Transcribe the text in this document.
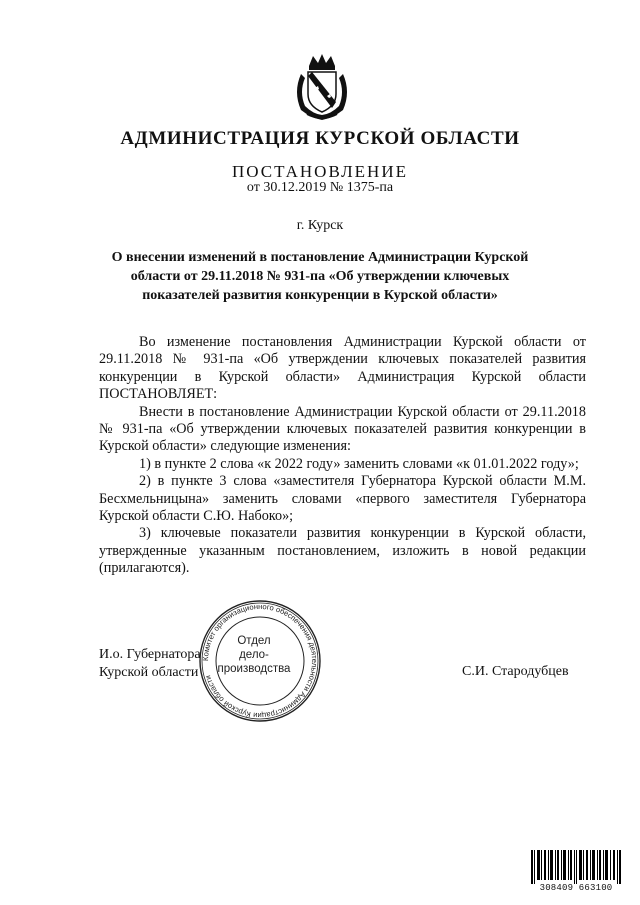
АДМИНИСТРАЦИЯ КУРСКОЙ ОБЛАСТИ
ПОСТАНОВЛЕНИЕ
от 30.12.2019 № 1375-па
г. Курск
О внесении изменений в постановление Администрации Курской
области от 29.11.2018 № 931-па «Об утверждении ключевых
показателей развития конкуренции в Курской области»

Во изменение постановления Администрации Курской области от 29.11.2018 № 931-па «Об утверждении ключевых показателей развития конкуренции в Курской области» Администрация Курской области ПОСТАНОВЛЯЕТ:

Внести в постановление Администрации Курской области от 29.11.2018 № 931-па «Об утверждении ключевых показателей развития конкуренции в Курской области» следующие изменения:

1) в пункте 2 слова «к 2022 году» заменить словами «к 01.01.2022 году»;

2) в пункте 3 слова «заместителя Губернатора Курской области М.М. Бесхмельницына» заменить словами «первого заместителя Губернатора Курской области С.Ю. Набоко»;

3) ключевые показатели развития конкуренции в Курской области, утвержденные указанным постановлением, изложить в новой редакции (прилагаются).

И.о. Губернатора
Курской области	С.И. Стародубцев
Комитет организационного обеспечения деятельности Администрации Курской области
Отдел
дело-
производства
308409 663100
